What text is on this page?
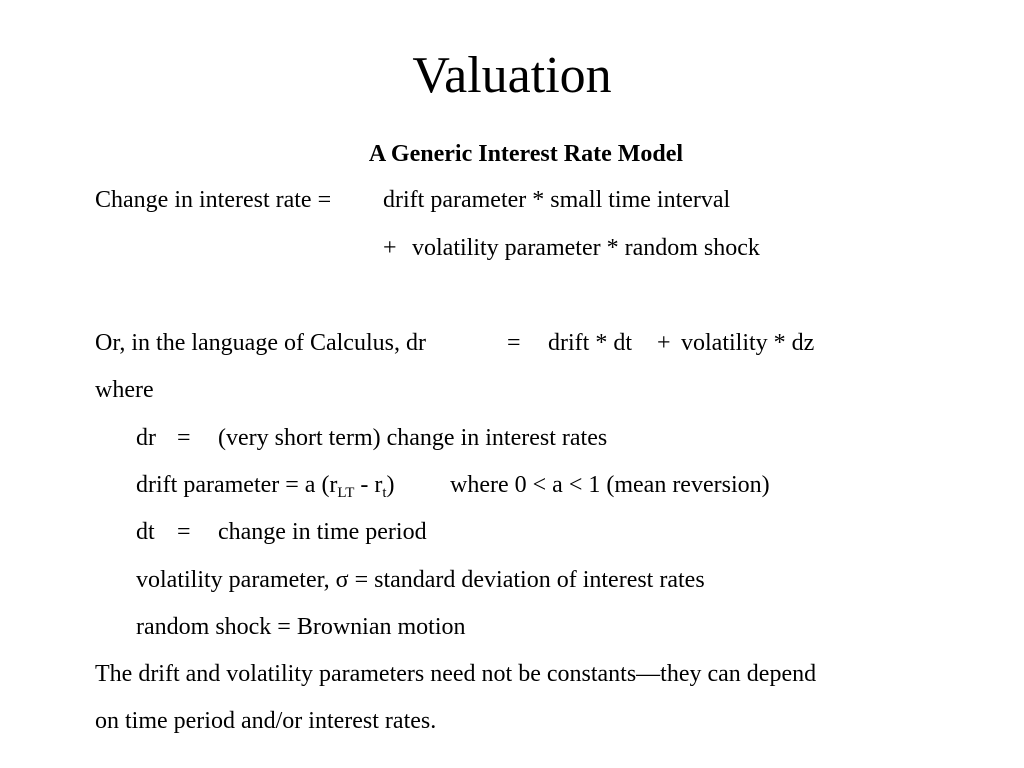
Valuation
A Generic Interest Rate Model
Change in interest rate = drift parameter * small time interval
+ volatility parameter * random shock
Or, in the language of Calculus, dr	= drift * dt + volatility * dz
where
dr = (very short term) change in interest rates
drift parameter = a $(r_{LT} - r_t)$ where 0 < a < 1 (mean reversion)
dt = change in time period
volatility parameter, σ = standard deviation of interest rates
random shock = Brownian motion
The drift and volatility parameters need not be constants—they can depend
on time period and/or interest rates.
